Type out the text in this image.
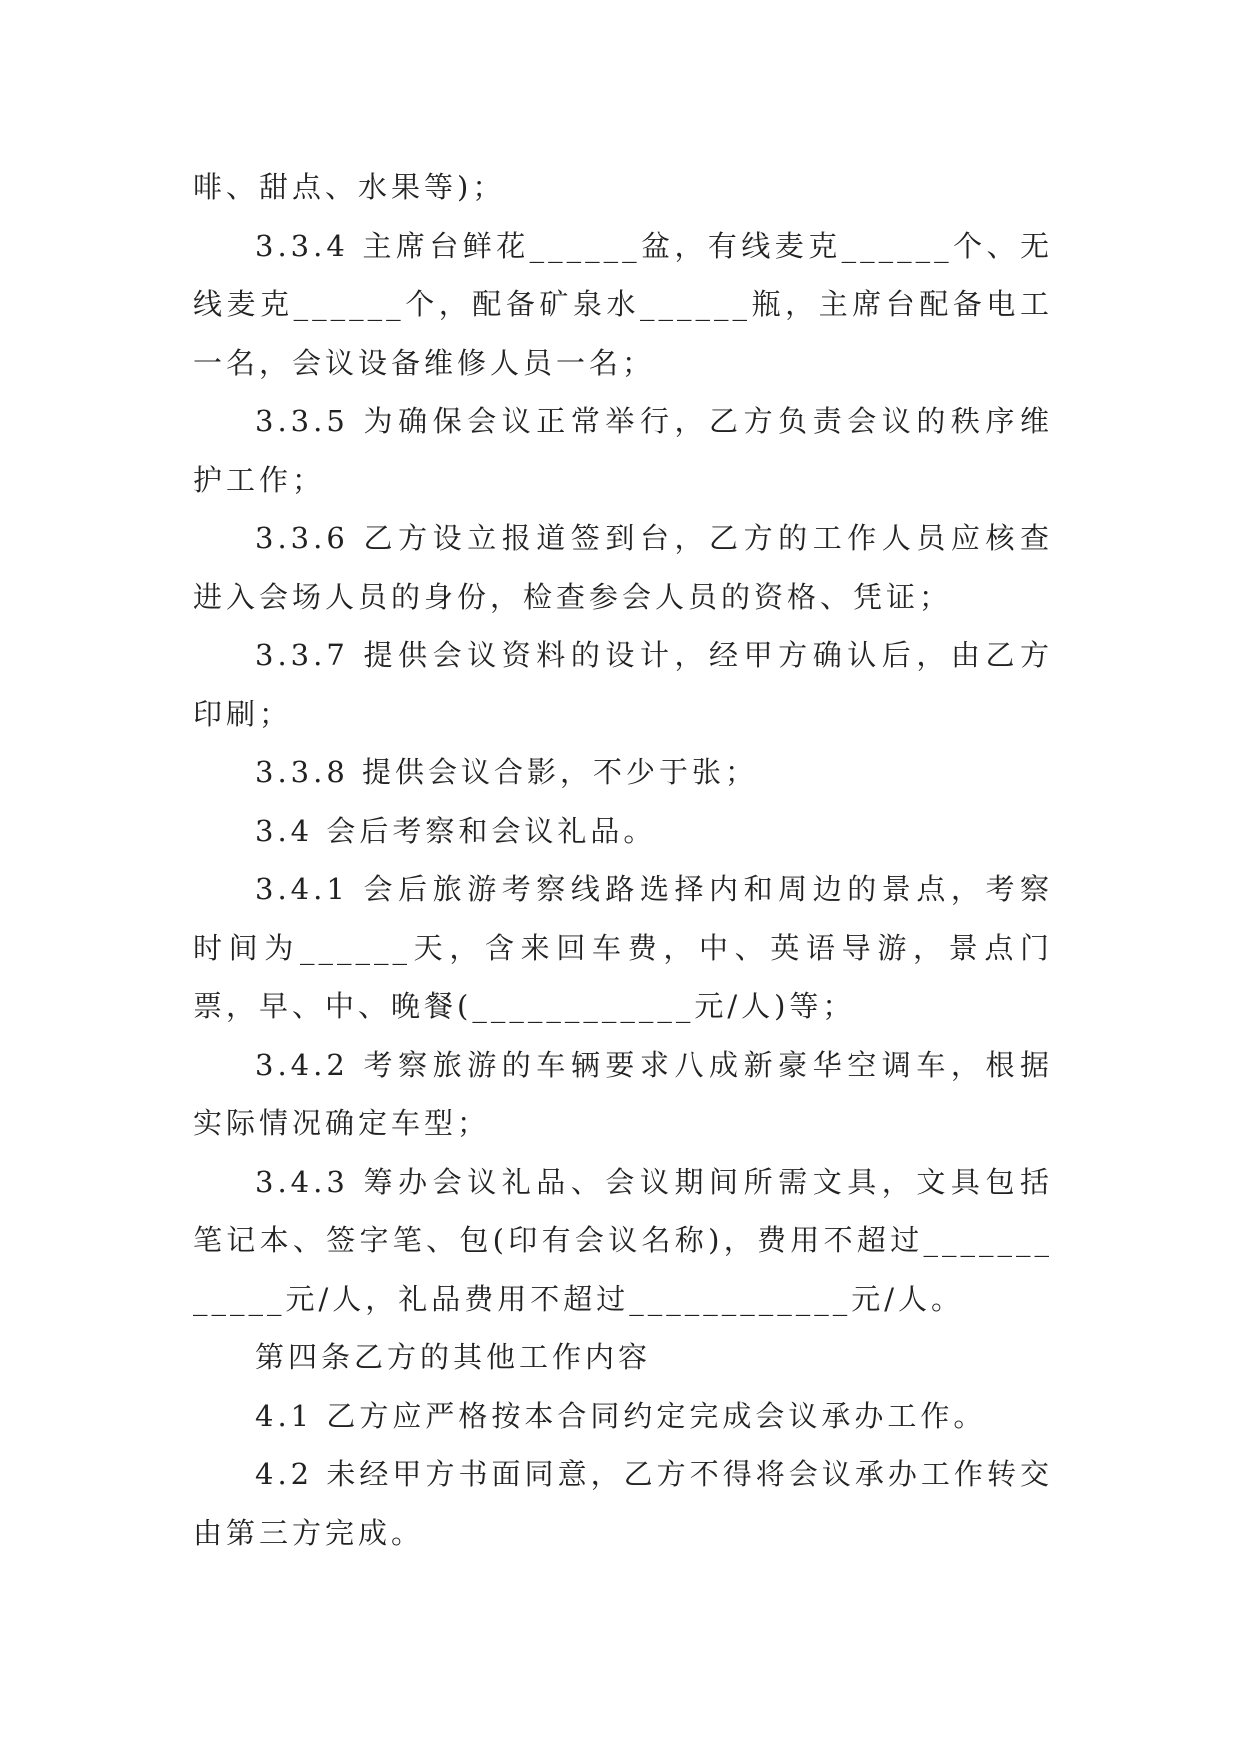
啡、甜点、水果等)；

3.3.4 主席台鲜花______盆，有线麦克______个、无线麦克______个，配备矿泉水______瓶，主席台配备电工一名，会议设备维修人员一名；

3.3.5 为确保会议正常举行，乙方负责会议的秩序维护工作；

3.3.6 乙方设立报道签到台，乙方的工作人员应核查进入会场人员的身份，检查参会人员的资格、凭证；

3.3.7 提供会议资料的设计，经甲方确认后，由乙方印刷；

3.3.8 提供会议合影，不少于张；

3.4 会后考察和会议礼品。

3.4.1 会后旅游考察线路选择内和周边的景点，考察时间为______天，含来回车费，中、英语导游，景点门票，早、中、晚餐(____________元/人)等；

3.4.2 考察旅游的车辆要求八成新豪华空调车，根据实际情况确定车型；

3.4.3 筹办会议礼品、会议期间所需文具，文具包括笔记本、签字笔、包(印有会议名称)，费用不超过____________元/人，礼品费用不超过____________元/人。

第四条乙方的其他工作内容

4.1 乙方应严格按本合同约定完成会议承办工作。

4.2 未经甲方书面同意，乙方不得将会议承办工作转交由第三方完成。
